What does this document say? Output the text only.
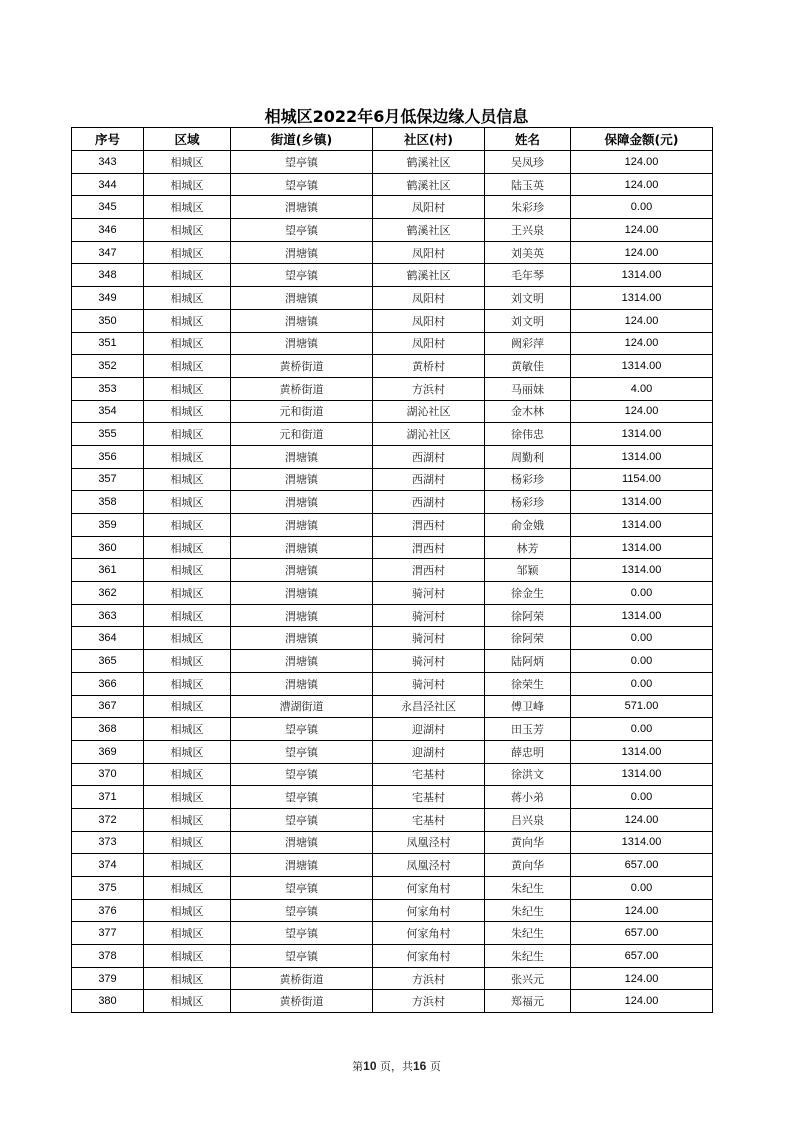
相城区2022年6月低保边缘人员信息
序号	区域	街道(乡镇)	社区(村)	姓名	保障金额(元)
343	相城区	望亭镇	鹤溪社区	吴凤珍	124.00
344	相城区	望亭镇	鹤溪社区	陆玉英	124.00
345	相城区	渭塘镇	凤阳村	朱彩珍	0.00
346	相城区	望亭镇	鹤溪社区	王兴泉	124.00
347	相城区	渭塘镇	凤阳村	刘美英	124.00
348	相城区	望亭镇	鹤溪社区	毛年琴	1314.00
349	相城区	渭塘镇	凤阳村	刘文明	1314.00
350	相城区	渭塘镇	凤阳村	刘文明	124.00
351	相城区	渭塘镇	凤阳村	阙彩萍	124.00
352	相城区	黄桥街道	黄桥村	黄敏佳	1314.00
353	相城区	黄桥街道	方浜村	马丽妹	4.00
354	相城区	元和街道	湖沁社区	金木林	124.00
355	相城区	元和街道	湖沁社区	徐伟忠	1314.00
356	相城区	渭塘镇	西湖村	周勤利	1314.00
357	相城区	渭塘镇	西湖村	杨彩珍	1154.00
358	相城区	渭塘镇	西湖村	杨彩珍	1314.00
359	相城区	渭塘镇	渭西村	俞金娥	1314.00
360	相城区	渭塘镇	渭西村	林芳	1314.00
361	相城区	渭塘镇	渭西村	邹颖	1314.00
362	相城区	渭塘镇	骑河村	徐金生	0.00
363	相城区	渭塘镇	骑河村	徐阿荣	1314.00
364	相城区	渭塘镇	骑河村	徐阿荣	0.00
365	相城区	渭塘镇	骑河村	陆阿炳	0.00
366	相城区	渭塘镇	骑河村	徐荣生	0.00
367	相城区	漕湖街道	永昌泾社区	傅卫峰	571.00
368	相城区	望亭镇	迎湖村	田玉芳	0.00
369	相城区	望亭镇	迎湖村	薛忠明	1314.00
370	相城区	望亭镇	宅基村	徐洪文	1314.00
371	相城区	望亭镇	宅基村	蒋小弟	0.00
372	相城区	望亭镇	宅基村	吕兴泉	124.00
373	相城区	渭塘镇	凤凰泾村	黄向华	1314.00
374	相城区	渭塘镇	凤凰泾村	黄向华	657.00
375	相城区	望亭镇	何家角村	朱纪生	0.00
376	相城区	望亭镇	何家角村	朱纪生	124.00
377	相城区	望亭镇	何家角村	朱纪生	657.00
378	相城区	望亭镇	何家角村	朱纪生	657.00
379	相城区	黄桥街道	方浜村	张兴元	124.00
380	相城区	黄桥街道	方浜村	郑福元	124.00
第10 页，共16 页
